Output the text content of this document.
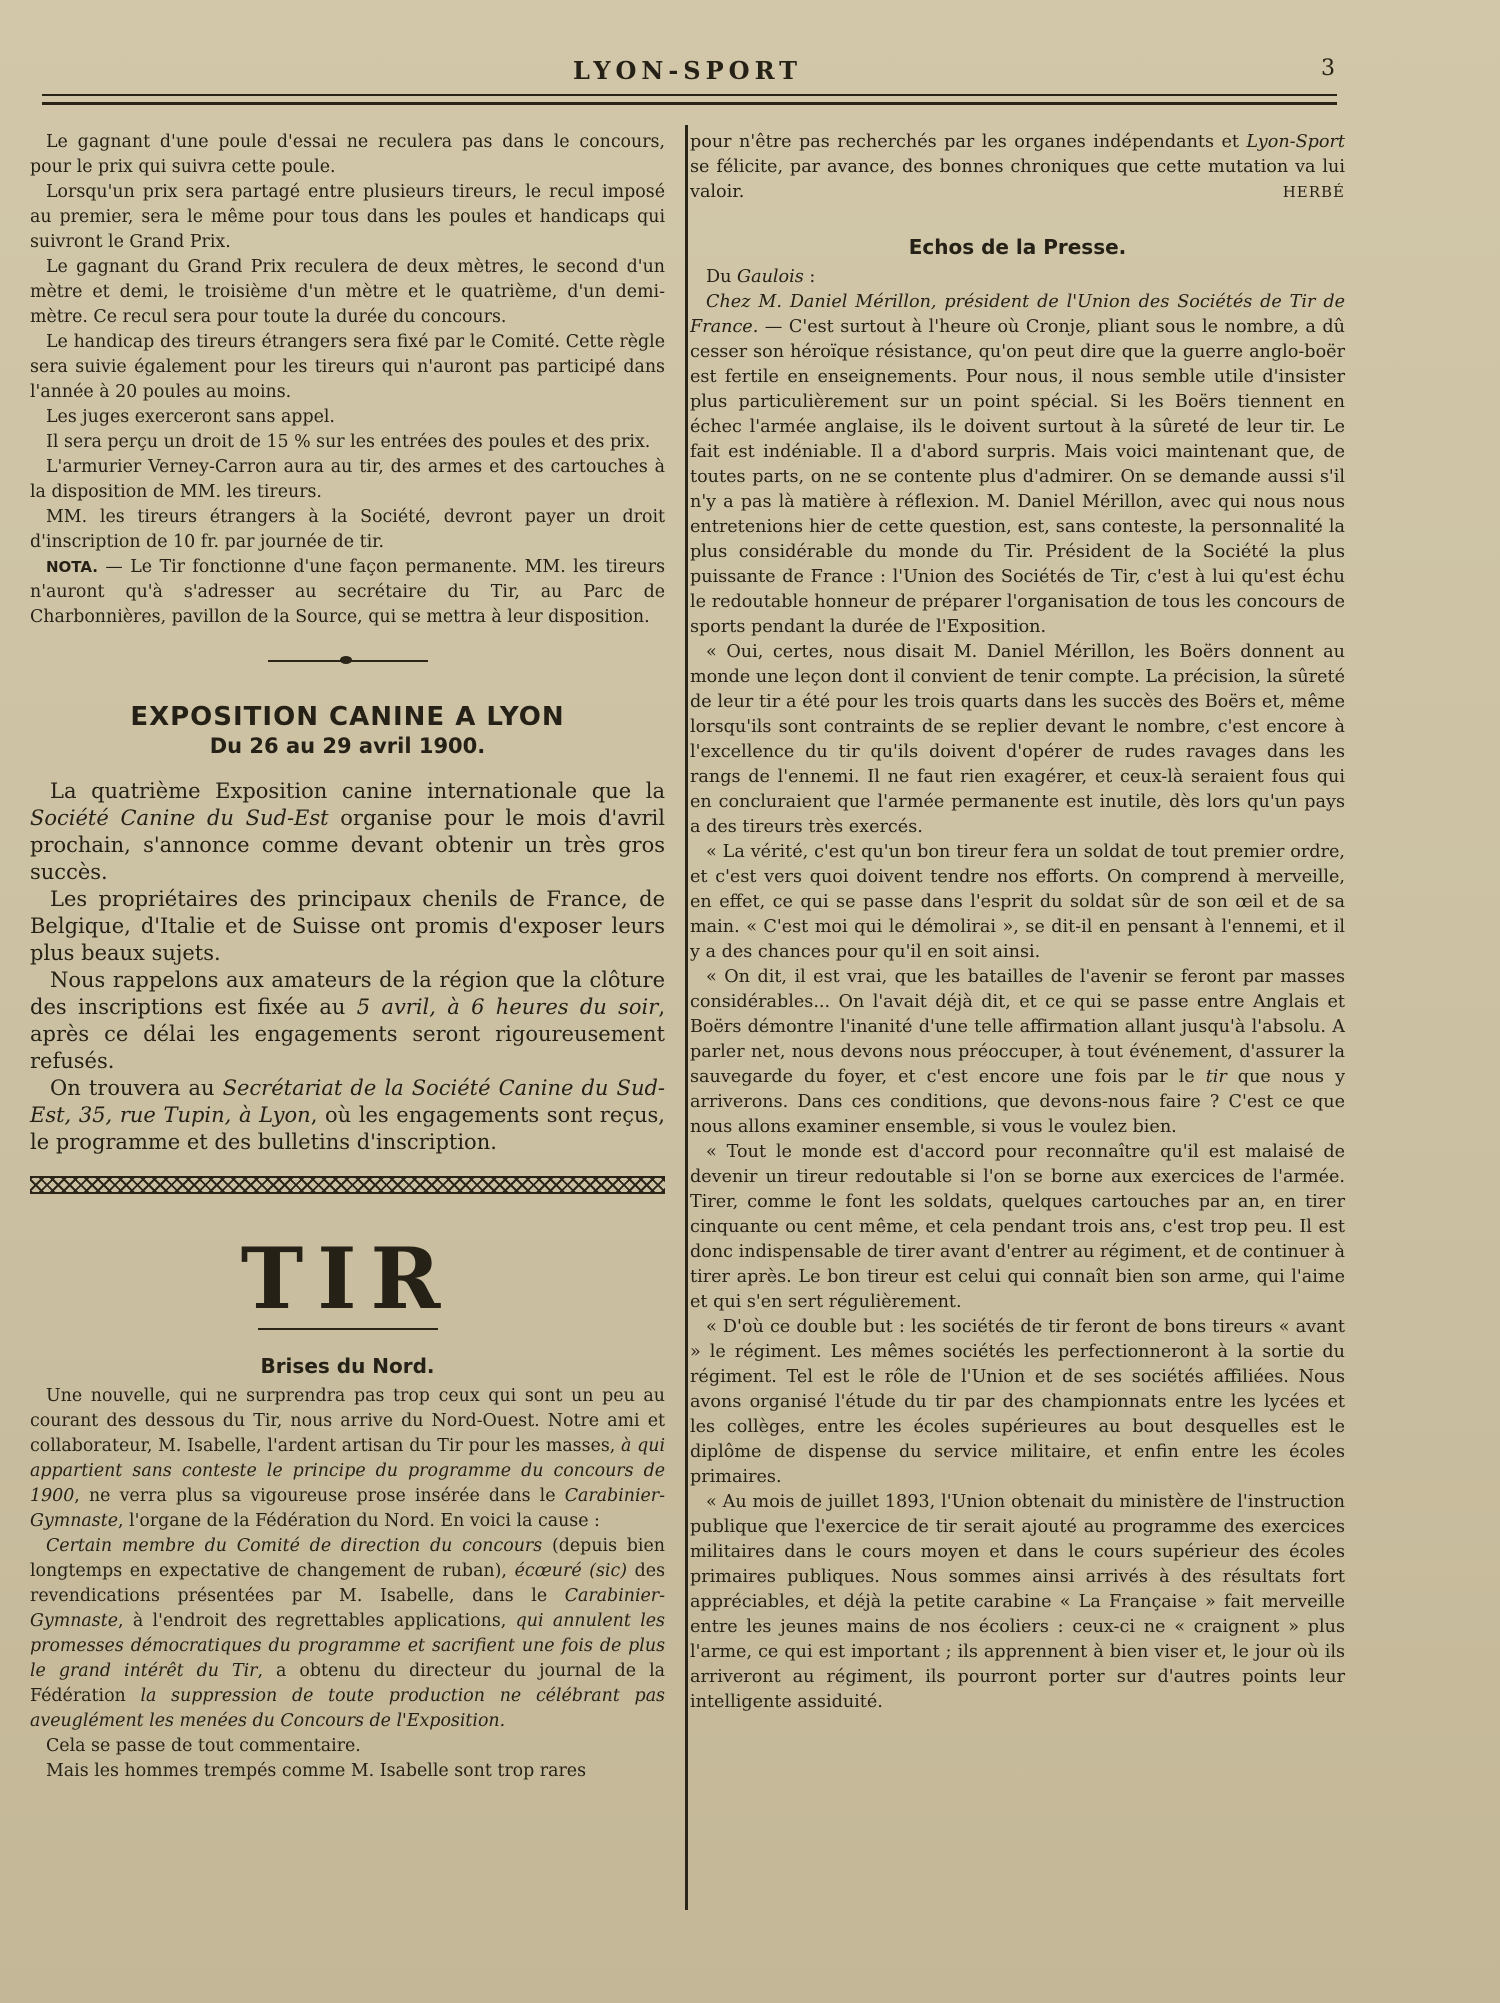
LYON-SPORT	3

Le gagnant d'une poule d'essai ne reculera pas dans le concours, pour le prix qui suivra cette poule.

Lorsqu'un prix sera partagé entre plusieurs tireurs, le recul imposé au premier, sera le même pour tous dans les poules et handicaps qui suivront le Grand Prix.

Le gagnant du Grand Prix reculera de deux mètres, le second d'un mètre et demi, le troisième d'un mètre et le quatrième, d'un demi-mètre. Ce recul sera pour toute la durée du concours.

Le handicap des tireurs étrangers sera fixé par le Comité. Cette règle sera suivie également pour les tireurs qui n'auront pas participé dans l'année à 20 poules au moins.

Les juges exerceront sans appel.

Il sera perçu un droit de 15 % sur les entrées des poules et des prix.

L'armurier Verney-Carron aura au tir, des armes et des cartouches à la disposition de MM. les tireurs.

MM. les tireurs étrangers à la Société, devront payer un droit d'inscription de 10 fr. par journée de tir.

NOTA. — Le Tir fonctionne d'une façon permanente. MM. les tireurs n'auront qu'à s'adresser au secrétaire du Tir, au Parc de Charbonnières, pavillon de la Source, qui se mettra à leur disposition.

EXPOSITION CANINE A LYON
Du 26 au 29 avril 1900.

La quatrième Exposition canine internationale que la Société Canine du Sud-Est organise pour le mois d'avril prochain, s'annonce comme devant obtenir un très gros succès.

Les propriétaires des principaux chenils de France, de Belgique, d'Italie et de Suisse ont promis d'exposer leurs plus beaux sujets.

Nous rappelons aux amateurs de la région que la clôture des inscriptions est fixée au 5 avril, à 6 heures du soir, après ce délai les engagements seront rigoureusement refusés.

On trouvera au Secrétariat de la Société Canine du Sud-Est, 35, rue Tupin, à Lyon, où les engagements sont reçus, le programme et des bulletins d'inscription.

TIR
Brises du Nord.

Une nouvelle, qui ne surprendra pas trop ceux qui sont un peu au courant des dessous du Tir, nous arrive du Nord-Ouest. Notre ami et collaborateur, M. Isabelle, l'ardent artisan du Tir pour les masses, à qui appartient sans conteste le principe du programme du concours de 1900, ne verra plus sa vigoureuse prose insérée dans le Carabinier-Gymnaste, l'organe de la Fédération du Nord. En voici la cause :

Certain membre du Comité de direction du concours (depuis bien longtemps en expectative de changement de ruban), écœuré (sic) des revendications présentées par M. Isabelle, dans le Carabinier-Gymnaste, à l'endroit des regrettables applications, qui annulent les promesses démocratiques du programme et sacrifient une fois de plus le grand intérêt du Tir, a obtenu du directeur du journal de la Fédération la suppression de toute production ne célébrant pas aveuglément les menées du Concours de l'Exposition.

Cela se passe de tout commentaire.

Mais les hommes trempés comme M. Isabelle sont trop rares

pour n'être pas recherchés par les organes indépendants et Lyon-Sport se félicite, par avance, des bonnes chroniques que cette mutation va lui valoir.	HERBÉ

Echos de la Presse.

Du Gaulois :

Chez M. Daniel Mérillon, président de l'Union des Sociétés de Tir de France. — C'est surtout à l'heure où Cronje, pliant sous le nombre, a dû cesser son héroïque résistance, qu'on peut dire que la guerre anglo-boër est fertile en enseignements. Pour nous, il nous semble utile d'insister plus particulièrement sur un point spécial. Si les Boërs tiennent en échec l'armée anglaise, ils le doivent surtout à la sûreté de leur tir. Le fait est indéniable. Il a d'abord surpris. Mais voici maintenant que, de toutes parts, on ne se contente plus d'admirer. On se demande aussi s'il n'y a pas là matière à réflexion. M. Daniel Mérillon, avec qui nous nous entretenions hier de cette question, est, sans conteste, la personnalité la plus considérable du monde du Tir. Président de la Société la plus puissante de France : l'Union des Sociétés de Tir, c'est à lui qu'est échu le redoutable honneur de préparer l'organisation de tous les concours de sports pendant la durée de l'Exposition.

« Oui, certes, nous disait M. Daniel Mérillon, les Boërs donnent au monde une leçon dont il convient de tenir compte. La précision, la sûreté de leur tir a été pour les trois quarts dans les succès des Boërs et, même lorsqu'ils sont contraints de se replier devant le nombre, c'est encore à l'excellence du tir qu'ils doivent d'opérer de rudes ravages dans les rangs de l'ennemi. Il ne faut rien exagérer, et ceux-là seraient fous qui en concluraient que l'armée permanente est inutile, dès lors qu'un pays a des tireurs très exercés.

« La vérité, c'est qu'un bon tireur fera un soldat de tout premier ordre, et c'est vers quoi doivent tendre nos efforts. On comprend à merveille, en effet, ce qui se passe dans l'esprit du soldat sûr de son œil et de sa main. « C'est moi qui le démolirai », se dit-il en pensant à l'ennemi, et il y a des chances pour qu'il en soit ainsi.

« On dit, il est vrai, que les batailles de l'avenir se feront par masses considérables... On l'avait déjà dit, et ce qui se passe entre Anglais et Boërs démontre l'inanité d'une telle affirmation allant jusqu'à l'absolu. A parler net, nous devons nous préoccuper, à tout événement, d'assurer la sauvegarde du foyer, et c'est encore une fois par le tir que nous y arriverons. Dans ces conditions, que devons-nous faire ? C'est ce que nous allons examiner ensemble, si vous le voulez bien.

« Tout le monde est d'accord pour reconnaître qu'il est malaisé de devenir un tireur redoutable si l'on se borne aux exercices de l'armée. Tirer, comme le font les soldats, quelques cartouches par an, en tirer cinquante ou cent même, et cela pendant trois ans, c'est trop peu. Il est donc indispensable de tirer avant d'entrer au régiment, et de continuer à tirer après. Le bon tireur est celui qui connaît bien son arme, qui l'aime et qui s'en sert régulièrement.

« D'où ce double but : les sociétés de tir feront de bons tireurs « avant » le régiment. Les mêmes sociétés les perfectionneront à la sortie du régiment. Tel est le rôle de l'Union et de ses sociétés affiliées. Nous avons organisé l'étude du tir par des championnats entre les lycées et les collèges, entre les écoles supérieures au bout desquelles est le diplôme de dispense du service militaire, et enfin entre les écoles primaires.

« Au mois de juillet 1893, l'Union obtenait du ministère de l'instruction publique que l'exercice de tir serait ajouté au programme des exercices militaires dans le cours moyen et dans le cours supérieur des écoles primaires publiques. Nous sommes ainsi arrivés à des résultats fort appréciables, et déjà la petite carabine « La Française » fait merveille entre les jeunes mains de nos écoliers : ceux-ci ne « craignent » plus l'arme, ce qui est important ; ils apprennent à bien viser et, le jour où ils arriveront au régiment, ils pourront porter sur d'autres points leur intelligente assiduité.
